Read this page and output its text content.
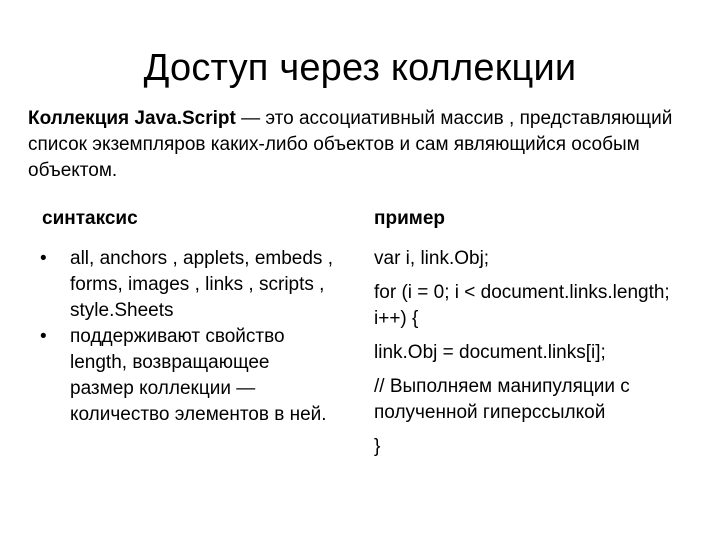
Доступ через коллекции
Коллекция Java.Script — это ассоциативный массив , представляющий список экземпляров каких-либо объектов и сам являющийся особым объектом.
синтаксис	пример
• all, anchors , applets, embeds , forms, images , links , scripts , style.Sheets
• поддерживают свойство length, возвращающее размер коллекции — количество элементов в ней.
var i, link.Obj;
for (i = 0; i < document.links.length; i++) {
link.Obj = document.links[i];
// Выполняем манипуляции с полученной гиперссылкой
}
